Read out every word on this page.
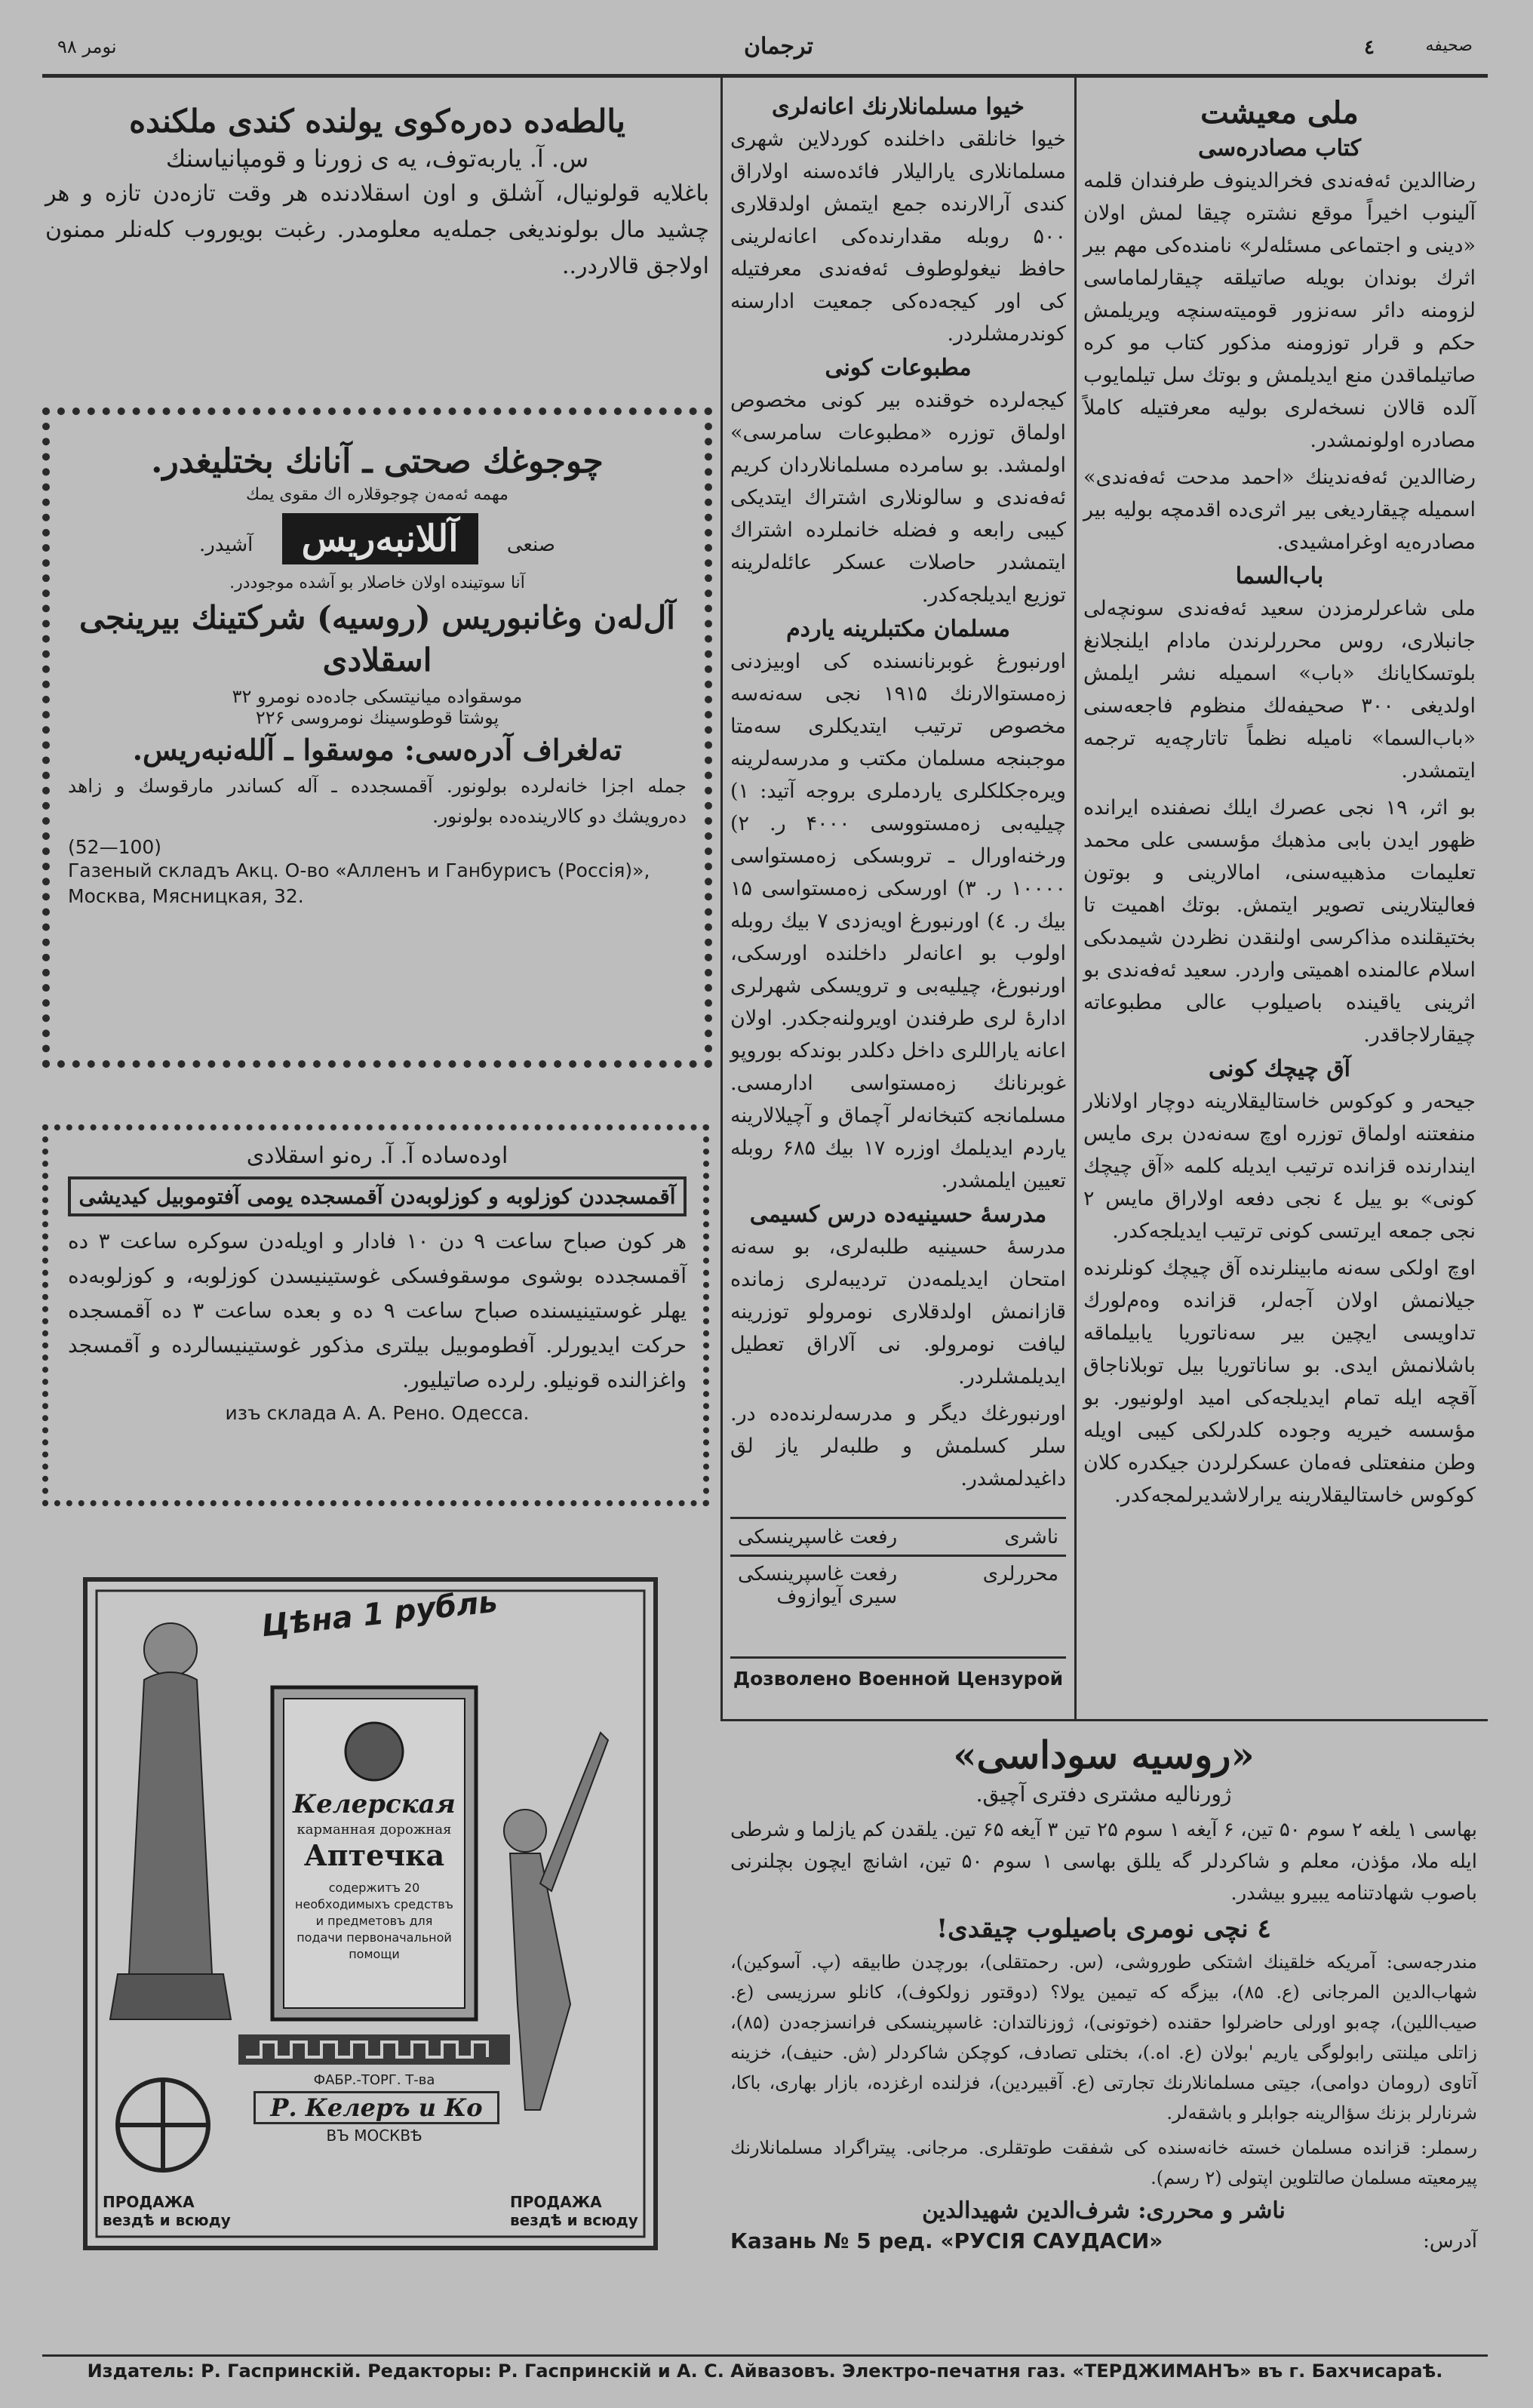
٤	صحيفه
ترجمان
نومر ۹۸
ملى معيشت
كتاب مصادره‌سى

رضاالدين ئه‌فه‌ندى فخرالدينوف طرفندان قلمه آلينوب اخيراً موقع نشتره چيقا لمش اولان «دينى و اجتماعى مسئله‌لر» نامنده‌كى مهم بير اثرك بوندان بويله صاتيلقه چيقارلماما‌سى لزومنه دائر سه‌نزور قوميته‌سنچه ويريلمش حكم و قرار توزومنه مذكور كتاب مو كره صاتيلماقدن منع ايديلمش و بوتك سل تيلمايوب آلده قالان نسخه‌لرى بوليه معرفتيله كاملاً مصادره اولونمشدر.

رضاالدين ئه‌فه‌ندينك «احمد مدحت ئه‌فه‌ندى» اسميله چيقارديغى بير اثرى‌ده اقدمچه بوليه بير مصادره‌يه اوغرامشيدى.

باب‌السما

ملى شاعرلرمزدن سعيد ئه‌فه‌ندى سونچه‌لى جانبلارى، روس محررلرندن مادام ايلنجلانغ بلوتسكايانك «باب» اسميله نشر ايلمش اولديغى ۳۰۰ صحيفه‌لك منظوم فاجعه‌سنى «باب‌السما» ناميله نظماً تاتارچه‌يه ترجمه ايتمشدر.

بو اثر، ۱۹ نجى عصرك ايلك نصفنده ايرانده ظهور ايدن بابى مذهبك مؤسسى على محمد تعليمات مذهبيه‌سنى، امالارينى و بوتون فعاليتلارينى تصوير ايتمش. بوتك اهميت تا بختيقلنده مذاكرسى اولنقدن نظردن شيمدىكى اسلام عالمنده اهميتى واردر. سعيد ئه‌فه‌ندى بو اثرينى ياقينده باصيلوب عالى مطبوعاته چيقارلاجاقدر.

آق چيچك كونى

جيحه‌ر و كوكوس خاستاليقلارينه دوچار اولانلار منفعتنه اولماق توزره اوچ سه‌نه‌دن برى مايس ايندارنده قزانده ترتيب ايديله كلمه «آق چيچك كونى» بو ييل ٤ نجى دفعه اولاراق مايس ۲ نجى جمعه ايرتسى كونى ترتيب ايديلجه‌كدر.

اوچ اولكى سه‌نه مابينلرنده آق چيچك كونلرنده جيلانمش اولان آجه‌لر، قزانده وه‌م‌لورك تداويسى ايچين بير سه‌ناتوريا يابيلماقه باشلانمش ايدى. بو ساناتوريا بيل توبلاناجاق آقچه ايله تمام ايديلجه‌كى اميد اولونيور. بو مؤسسه خيريه وجوده كلدرلكى كيبى اويله وطن منفعتلى فه‌مان عسكرلردن جيكدره كلان كوكوس خاستاليقلارينه يرارلاشديرلمجه‌كدر.

خيوا مسلمانلارنك اعانه‌لرى

خيوا خانلقى داخلنده كوردلاين شهرى مسلمانلارى ياراليلار فائده‌سنه اولاراق كندى آرالارنده جمع ايتمش اولدقلارى ۵۰۰ روبله مقدارنده‌كى اعانه‌لرينى حافظ نيغولوطوف ئه‌فه‌ندى معرفتيله كى اور كيجه‌ده‌كى جمعيت ادارسنه كوندرمشلردر.

مطبوعات كونى

كيجه‌لرده خوقنده بير كونى مخصوص اولماق توزره «مطبوعات سامرسى» اولمشد. بو سامرده مسلمانلاردان كريم ئه‌فه‌ندى و سالونلارى اشتراك ايتديكى كيبى رابعه و فضله خانملرده اشتراك ايتمشدر حاصلات عسكر عائله‌لرينه توزيع ايديلجه‌كدر.

مسلمان مكتبلرينه ياردم

اورنبورغ غوبرنانسنده كى اوبيزدنى زه‌مستوالارنك ۱۹۱۵ نجى سه‌نه‌سه مخصوص ترتيب ايتديكلرى سه‌متا موجبنجه مسلمان مكتب و مدرسه‌لرينه ويره‌جكلكلرى ياردملرى بروجه آتيد: ۱) چيليه‌بى زه‌مستووسى ۴۰۰۰ ر. ۲) ورخنه‌‌اورال ـ تروبسكى زه‌مستواسى ۱۰۰۰۰ ر. ۳) اورسكى زه‌مستواسى ۱۵ بيك ر. ٤) اورنبورغ اويه‌زدى ۷ بيك روبله اولوب بو اعانه‌لر داخلنده اورسكى، اورنبورغ، چيليه‌بى و ترويسكى شهرلرى ادارهٔ لرى طرفندن اويرولنه‌جكدر. اولان اعانه ياراللرى داخل دكلدر بوندكه بوروپو غوبرنانك زه‌مستواسى ادارمسى. مسلمانجه كتبخانه‌لر آچماق و آچيلالارينه ياردم ايديلمك اوزره ۱۷ بيك ۶۸۵ روبله تعيين ايلمشدر.

مدرسهٔ حسينيه‌ده درس كسيمى

مدرسهٔ حسينيه طلبه‌لرى، بو سه‌نه امتحان ايديلمه‌دن ترديبه‌لرى زمانده قازانمش اولدقلارى نومرولو توزرينه ليافت نومرولو. نى آلاراق تعطيل ايديلمشلردر.

اورنبورغك ديگر و مدرسه‌لرنده‌ده در. سلر كسلمش و طلبه‌لر ياز لق داغيدلمشدر.

ناشرى
رفعت غاسپرينسكى
محررلرى
رفعت غاسپرينسكى
سيرى آيوازوف
Дозволено Военной Цензурой
يالطه‌ده ده‌ره‌كوى يولنده كندى ملكنده
س. آ. ياربه‌توف، يه ى زورنا و قومپانياسنك

باغلايه قولونيال، آشلق و اون اسقلادنده هر وقت تازه‌دن تازه و هر چشيد مال بولونديغى جمله‌يه معلومدر. رغبت بويوروب كله‌نلر ممنون اولاجق قالاردر..

چوجوغك صحتى ـ آنانك بختليغدر.
مهمه ئه‌مه‌ن چوجوقلاره اك مقوى يمك
صنعى آللانبه‌ريس آشيدر.
آنا سوتينده اولان خاصلار بو آشده موجوددر.
آل‌لەن وغانبوريس (روسيه) شركتينك بيرينجى اسقلادى
موسقواده ميانيتسكى جاده‌ده نومرو ۳۲
پوشتا قوطوسينك نومروسى ۲۲۶
تەلغراف آدرەسى: موسقوا ـ آللەنبەريس.

جمله اجزا خانه‌لرده بولونور. آقمسجدده ـ آله كساندر مارقوسك و زاهد دەرويشك دو كالارينده‌ده بولونور.

(52—100)
Газеный складъ Акц. О-во «Алленъ и Ганбурисъ (Россія)», Москва, Мясницкая, 32.
اوده‌ساده آ. آ. رەنو اسقلادى
آقمسجددن كوزلوبه و كوزلوبه‌دن آقمسجده يومى آفتوموبيل كيديشى

هر كون صباح ساعت ۹ دن ۱۰ فادار و اويله‌دن سوكره ساعت ۳ ده آقمسجدده بوشوى موسقوفسكى غوستينيسدن كوزلوبه، و كوزلوبه‌ده يهلر غوستينيسنده صباح ساعت ۹ ده و بعده ساعت ۳ ده آقمسجده حركت ايديورلر. آفطوموبيل بيلترى مذكور غوستينيسالرده و آقمسجد واغزالنده قونيلو. رلرده صاتيليور.

изъ склада А. А. Рено. Одесса.
Цѣна 1 рубль
Келерская
карманная дорожная
Аптечка
содержитъ 20 необходимыхъ средствъ и предметовъ для подачи первоначальной помощи
ФАБР.-ТОРГ. Т-ва
Р. Келеръ и Ко
ВЪ МОСКВѢ
ПРОДАЖА вездѣ и всюду
ПРОДАЖА вездѣ и всюду
«روسيه سوداسى»
ژورناليه مشترى دفترى آچيق.

بهاسى ۱ يلغه ۲ سوم ۵۰ تين، ۶ آيغه ۱ سوم ۲۵ تين ۳ آيغه ۶۵ تين. يلقدن كم يازلما و شرطى ايله ملا، مؤذن، معلم و شاكردلر گه يللق بهاسى ۱ سوم ۵۰ تين، اشانچ ايچون بچلنرنى باصوب شهادتنامه يبيرو بيشدر.

٤ نچى نومرى باصيلوب چيقدى!

مندرجه‌سى: آمريكه خلقينك اشتكى طوروشى، (س. رحمتقلى)، بورچدن طابيقه (پ. آسوكين)، شهاب‌الدين المرجانى (ع. ۸۵)، بيزگه كه تيمين يولا؟ (دوقتور زولكوف)، كانلو سرزيسى (ع. صيب‌اللين)، چه‌بو اورلى حاضرلوا حقنده (خوتو‌نى)، ژوزنالتدان: غاسپرينسكى فرانسزجه‌دن (۸۵)، زاتلى ميلنتى رابولوگى ياريم 'بولان (ع. اه.)، بختلى تصادف، كوچكن شاكردلر (ش. حنيف)، خزينه آتاوى (رومان دوامى)، جيتى مسلمانلارنك تجارتى (ع. آقبيردين)، فزلنده ارغزده، بازار بهارى، باكا، شرنارلر بزنك سؤالرينه جوابلر و باشقه‌لر.

رسملر: قزانده مسلمان خسته خانه‌سنده كى شفقت طوتقلرى. مرجانى. پيتراگراد مسلمانلارنك پيرمعيته مسلمان صالتلوين اپتولى (۲ رسم).

ناشر و محررى: شرف‌الدين شهيدالدين
آدرس:
Казань № 5 ред. «РУСІЯ САУДАСИ»
Издатель: Р. Гаспринскiй. Редакторы: Р. Гаспринскiй и А. С. Айвазовъ. Электро-печатня газ. «ТЕРДЖИМАНЪ» въ г. Бахчисараѣ.
